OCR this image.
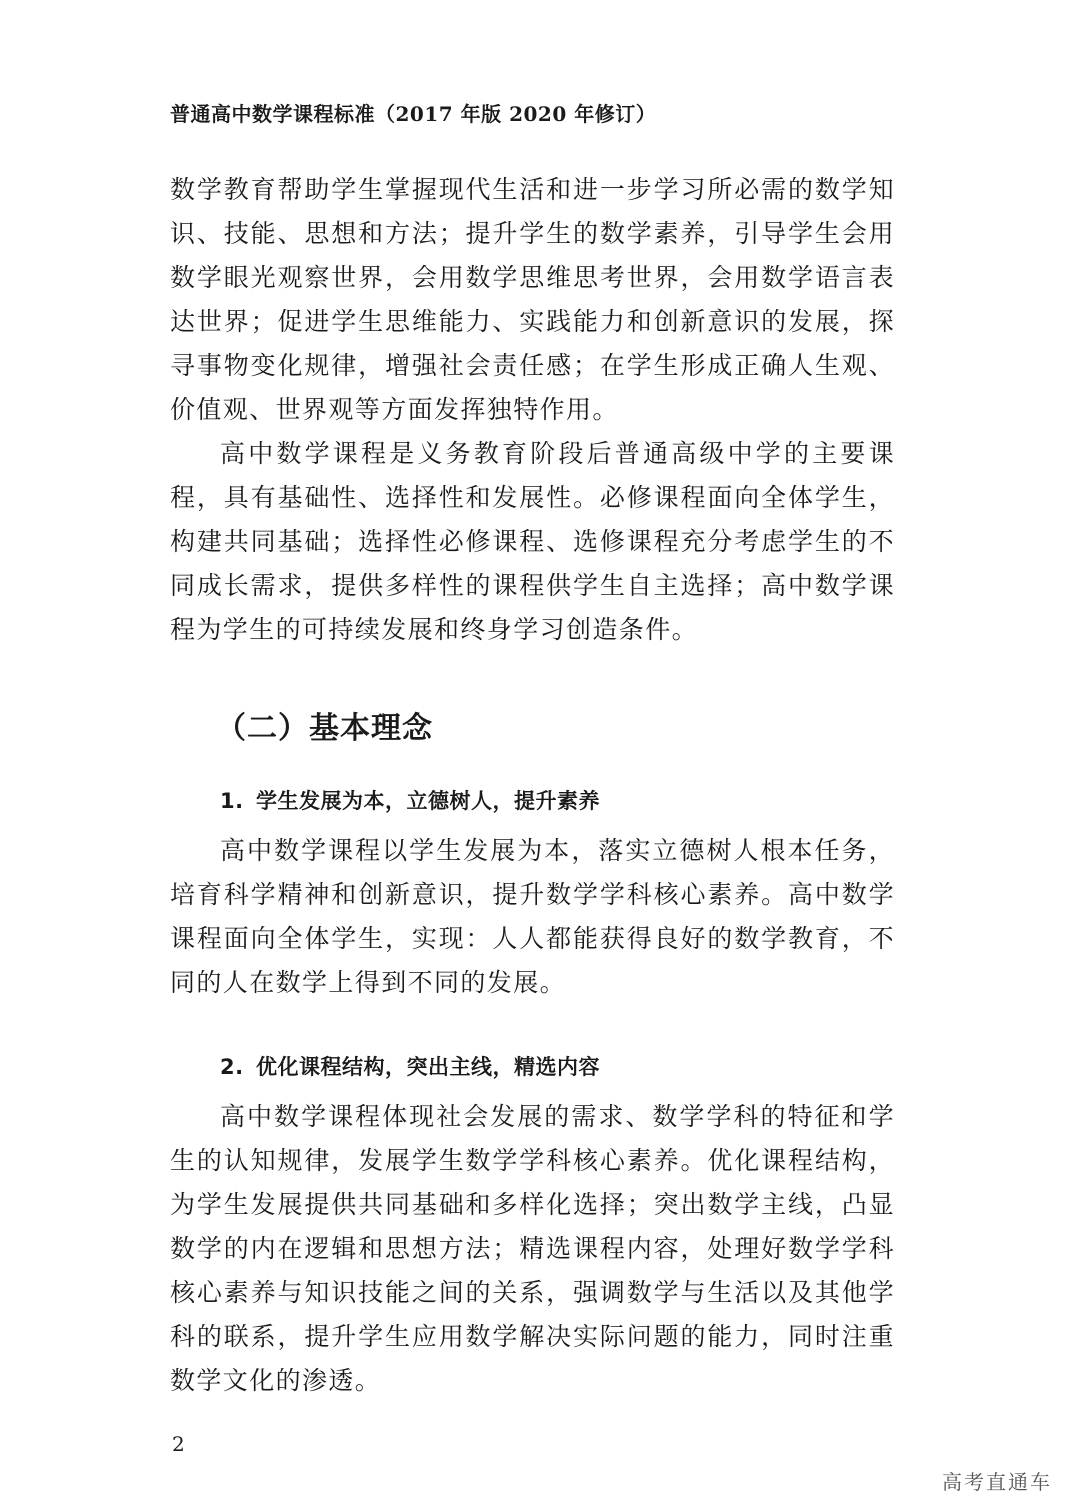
普通高中数学课程标准（2017 年版 2020 年修订）

数学教育帮助学生掌握现代生活和进一步学习所必需的数学知识、技能、思想和方法；提升学生的数学素养，引导学生会用数学眼光观察世界，会用数学思维思考世界，会用数学语言表达世界；促进学生思维能力、实践能力和创新意识的发展，探寻事物变化规律，增强社会责任感；在学生形成正确人生观、价值观、世界观等方面发挥独特作用。

高中数学课程是义务教育阶段后普通高级中学的主要课程，具有基础性、选择性和发展性。必修课程面向全体学生，构建共同基础；选择性必修课程、选修课程充分考虑学生的不同成长需求，提供多样性的课程供学生自主选择；高中数学课程为学生的可持续发展和终身学习创造条件。

（二）基本理念
1. 学生发展为本，立德树人，提升素养

高中数学课程以学生发展为本，落实立德树人根本任务，培育科学精神和创新意识，提升数学学科核心素养。高中数学课程面向全体学生，实现：人人都能获得良好的数学教育，不同的人在数学上得到不同的发展。

2. 优化课程结构，突出主线，精选内容

高中数学课程体现社会发展的需求、数学学科的特征和学生的认知规律，发展学生数学学科核心素养。优化课程结构，为学生发展提供共同基础和多样化选择；突出数学主线，凸显数学的内在逻辑和思想方法；精选课程内容，处理好数学学科核心素养与知识技能之间的关系，强调数学与生活以及其他学科的联系，提升学生应用数学解决实际问题的能力，同时注重数学文化的渗透。

2
高考直通车
